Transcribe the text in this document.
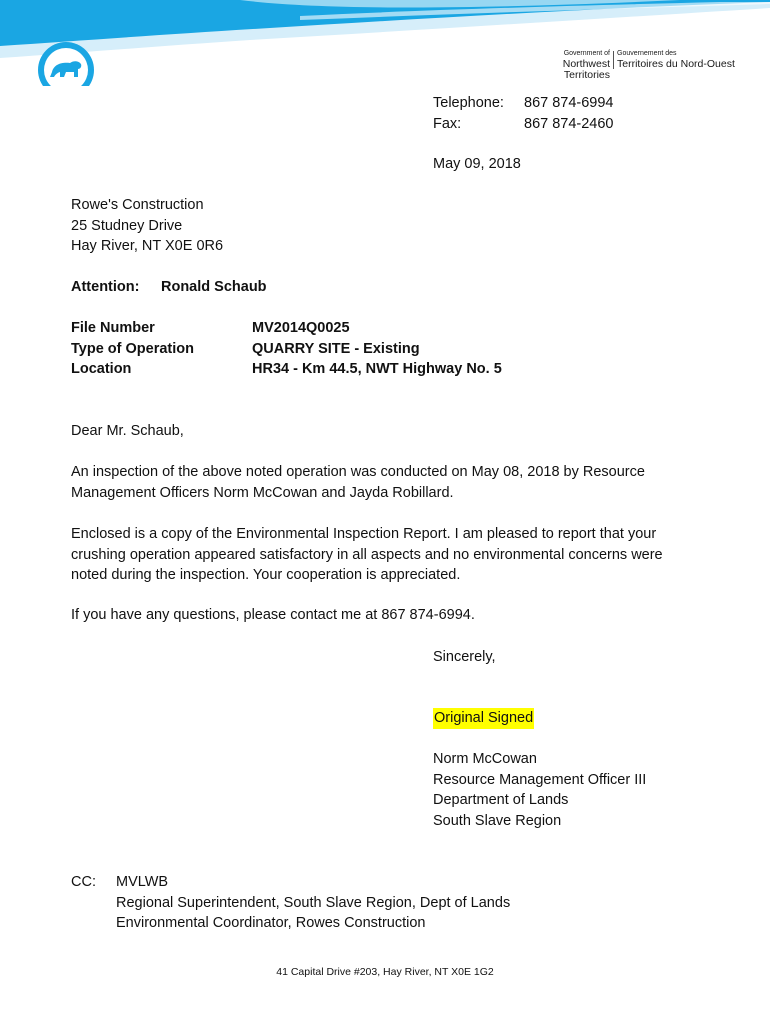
Government of
Northwest Territories
Gouvernement des
Territoires du Nord-Ouest
Telephone:	867 874-6994
Fax:	867 874-2460
May 09, 2018
Rowe's Construction
25 Studney Drive
Hay River, NT X0E 0R6
Attention: Ronald Schaub
File Number	MV2014Q0025
Type of Operation	QUARRY SITE - Existing
Location	HR34 - Km 44.5, NWT Highway No. 5
Dear Mr. Schaub,
An inspection of the above noted operation was conducted on May 08, 2018 by Resource Management Officers Norm McCowan and Jayda Robillard.
Enclosed is a copy of the Environmental Inspection Report. I am pleased to report that your crushing operation appeared satisfactory in all aspects and no environmental concerns were noted during the inspection. Your cooperation is appreciated.
If you have any questions, please contact me at 867 874-6994.
Sincerely,
Original Signed
Norm McCowan
Resource Management Officer III
Department of Lands
South Slave Region
CC:	MVLWB
Regional Superintendent, South Slave Region, Dept of Lands
Environmental Coordinator, Rowes Construction
41 Capital Drive #203, Hay River, NT X0E 1G2
